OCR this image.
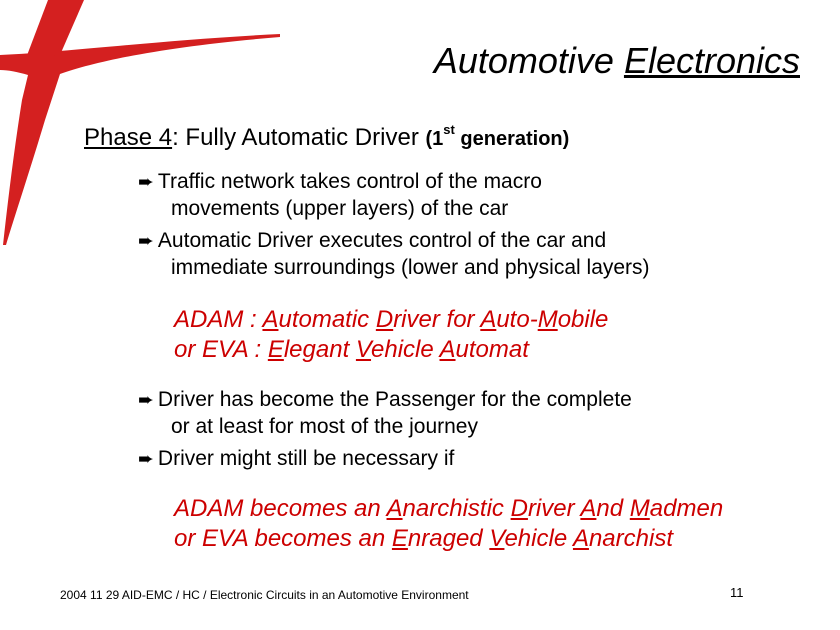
Automotive Electronics
Phase 4: Fully Automatic Driver (1st generation)
➨ Traffic network takes control of the macro
movements (upper layers) of the car
➨ Automatic Driver executes control of the car and
immediate surroundings (lower and physical layers)
ADAM : Automatic Driver for Auto-Mobile
or EVA : Elegant Vehicle Automat
➨ Driver has become the Passenger for the complete
or at least for most of the journey
➨ Driver might still be necessary if
ADAM becomes an Anarchistic Driver And Madmen
or EVA becomes an Enraged Vehicle Anarchist
2004 11 29 AID-EMC / HC / Electronic Circuits in an Automotive Environment	11
